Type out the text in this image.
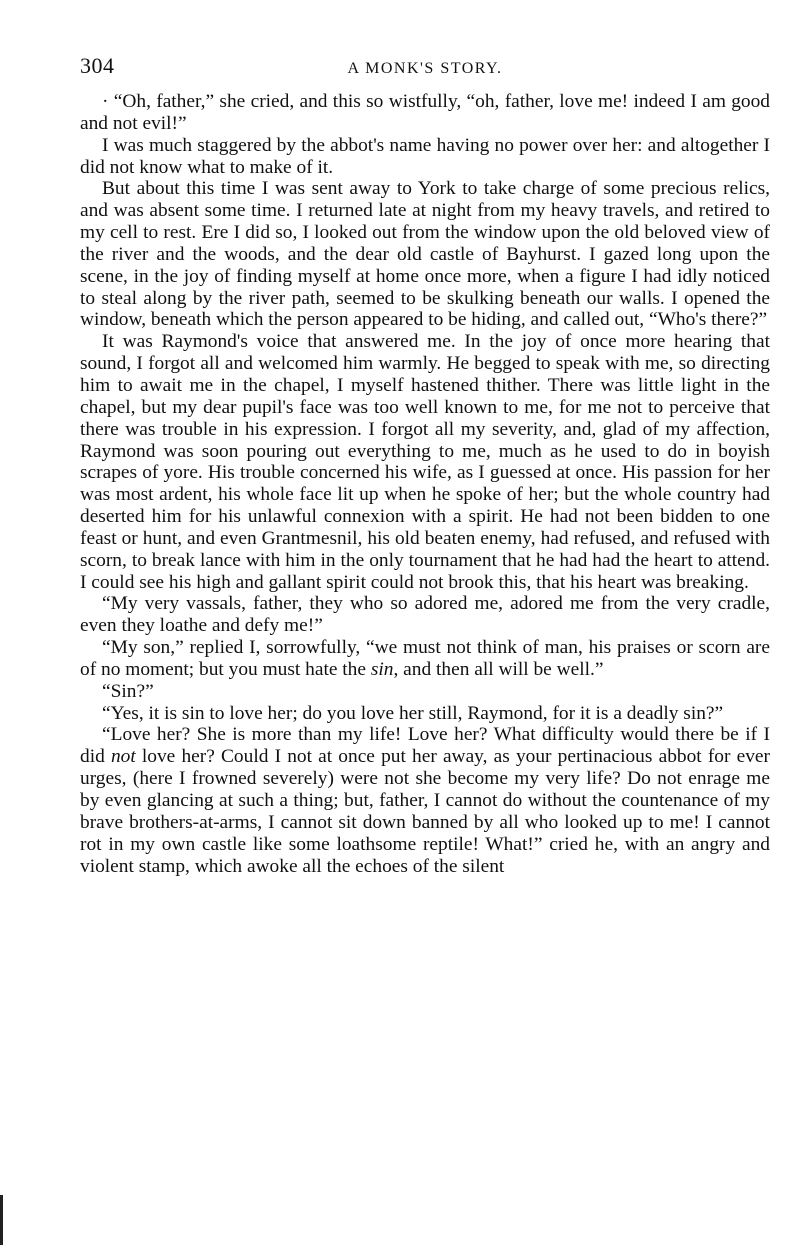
304	A MONK'S STORY.

· “Oh, father,” she cried, and this so wistfully, “oh, father, love me! indeed I am good and not evil!”

I was much staggered by the abbot's name having no power over her: and altogether I did not know what to make of it.

But about this time I was sent away to York to take charge of some precious relics, and was absent some time. I returned late at night from my heavy travels, and retired to my cell to rest. Ere I did so, I looked out from the window upon the old beloved view of the river and the woods, and the dear old castle of Bayhurst. I gazed long upon the scene, in the joy of finding myself at home once more, when a figure I had idly noticed to steal along by the river path, seemed to be skulking beneath our walls. I opened the window, beneath which the person appeared to be hiding, and called out, “Who's there?”

It was Raymond's voice that answered me. In the joy of once more hearing that sound, I forgot all and welcomed him warmly. He begged to speak with me, so directing him to await me in the chapel, I myself hastened thither. There was little light in the chapel, but my dear pupil's face was too well known to me, for me not to perceive that there was trouble in his expression. I forgot all my severity, and, glad of my affection, Raymond was soon pouring out everything to me, much as he used to do in boyish scrapes of yore. His trouble concerned his wife, as I guessed at once. His passion for her was most ardent, his whole face lit up when he spoke of her; but the whole country had deserted him for his unlawful connexion with a spirit. He had not been bidden to one feast or hunt, and even Grantmesnil, his old beaten enemy, had refused, and refused with scorn, to break lance with him in the only tournament that he had had the heart to attend. I could see his high and gallant spirit could not brook this, that his heart was breaking.

“My very vassals, father, they who so adored me, adored me from the very cradle, even they loathe and defy me!”

“My son,” replied I, sorrowfully, “we must not think of man, his praises or scorn are of no moment; but you must hate the sin, and then all will be well.”

“Sin?”

“Yes, it is sin to love her; do you love her still, Raymond, for it is a deadly sin?”

“Love her? She is more than my life! Love her? What difficulty would there be if I did not love her? Could I not at once put her away, as your pertinacious abbot for ever urges, (here I frowned severely) were not she become my very life? Do not enrage me by even glancing at such a thing; but, father, I cannot do without the countenance of my brave brothers-at-arms, I cannot sit down banned by all who looked up to me! I cannot rot in my own castle like some loathsome reptile! What!” cried he, with an angry and violent stamp, which awoke all the echoes of the silent
